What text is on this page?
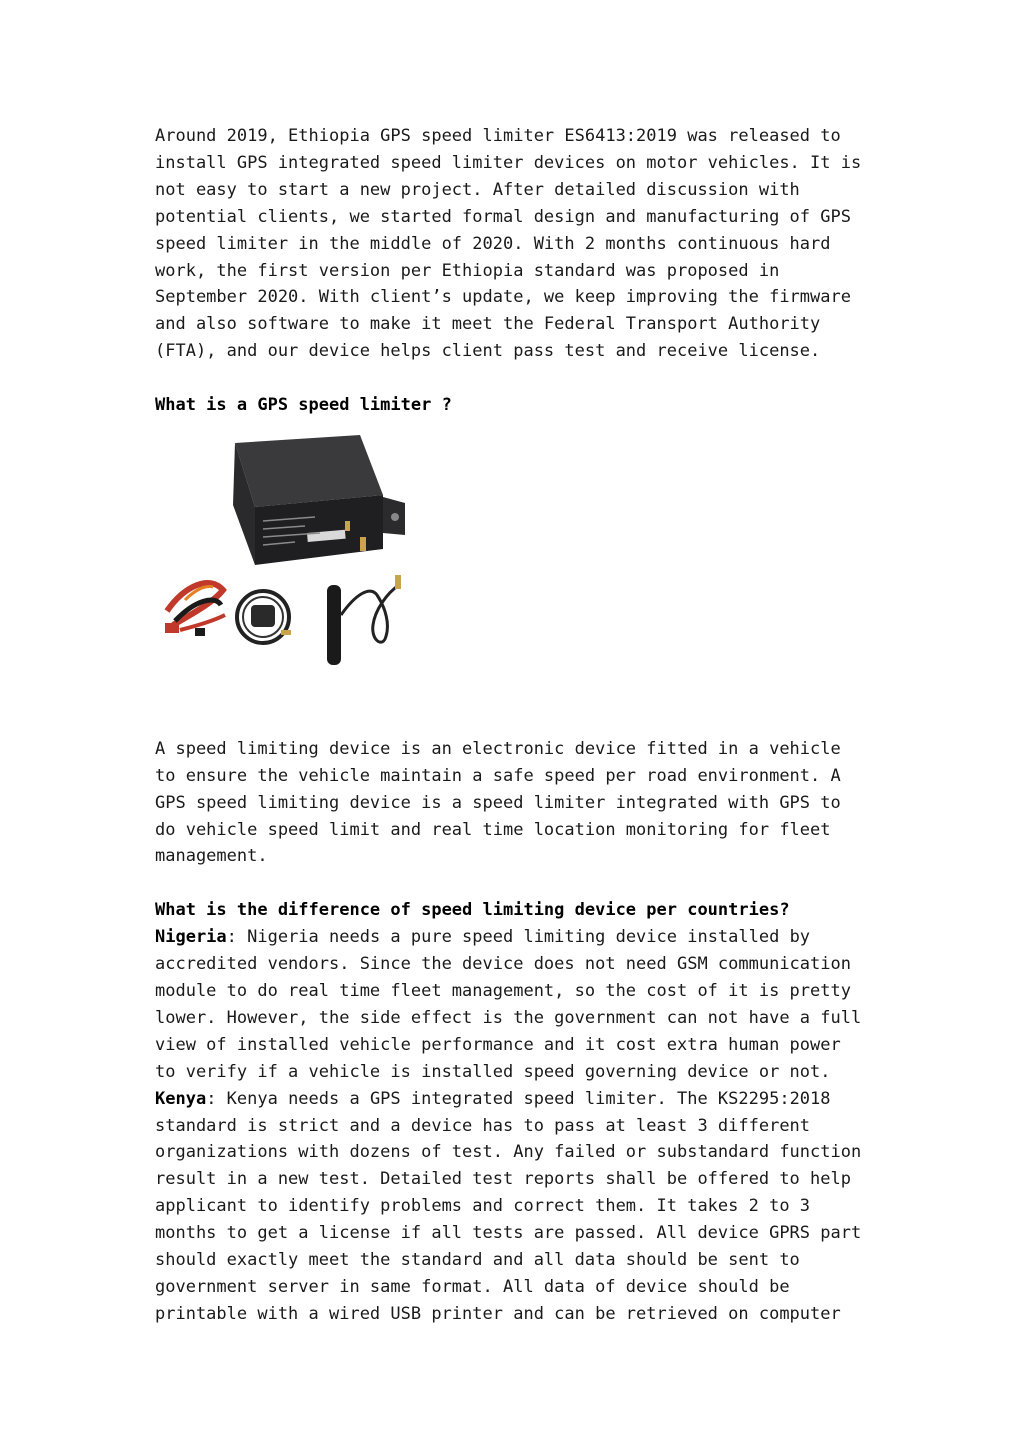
Around 2019, Ethiopia GPS speed limiter ES6413:2019 was released to
install GPS integrated speed limiter devices on motor vehicles. It is
not easy to start a new project. After detailed discussion with
potential clients, we started formal design and manufacturing of GPS
speed limiter in the middle of 2020. With 2 months continuous hard
work, the first version per Ethiopia standard was proposed in
September 2020. With client’s update, we keep improving the firmware
and also software to make it meet the Federal Transport Authority
(FTA), and our device helps client pass test and receive license.

What is a GPS speed limiter ?

A speed limiting device is an electronic device fitted in a vehicle
to ensure the vehicle maintain a safe speed per road environment. A
GPS speed limiting device is a speed limiter integrated with GPS to
do vehicle speed limit and real time location monitoring for fleet
management.

What is the difference of speed limiting device per countries?

Nigeria: Nigeria needs a pure speed limiting device installed by
accredited vendors. Since the device does not need GSM communication
module to do real time fleet management, so the cost of it is pretty
lower. However, the side effect is the government can not have a full
view of installed vehicle performance and it cost extra human power
to verify if a vehicle is installed speed governing device or not.

Kenya: Kenya needs a GPS integrated speed limiter. The KS2295:2018
standard is strict and a device has to pass at least 3 different
organizations with dozens of test. Any failed or substandard function
result in a new test. Detailed test reports shall be offered to help
applicant to identify problems and correct them. It takes 2 to 3
months to get a license if all tests are passed. All device GPRS part
should exactly meet the standard and all data should be sent to
government server in same format. All data of device should be
printable with a wired USB printer and can be retrieved on computer
